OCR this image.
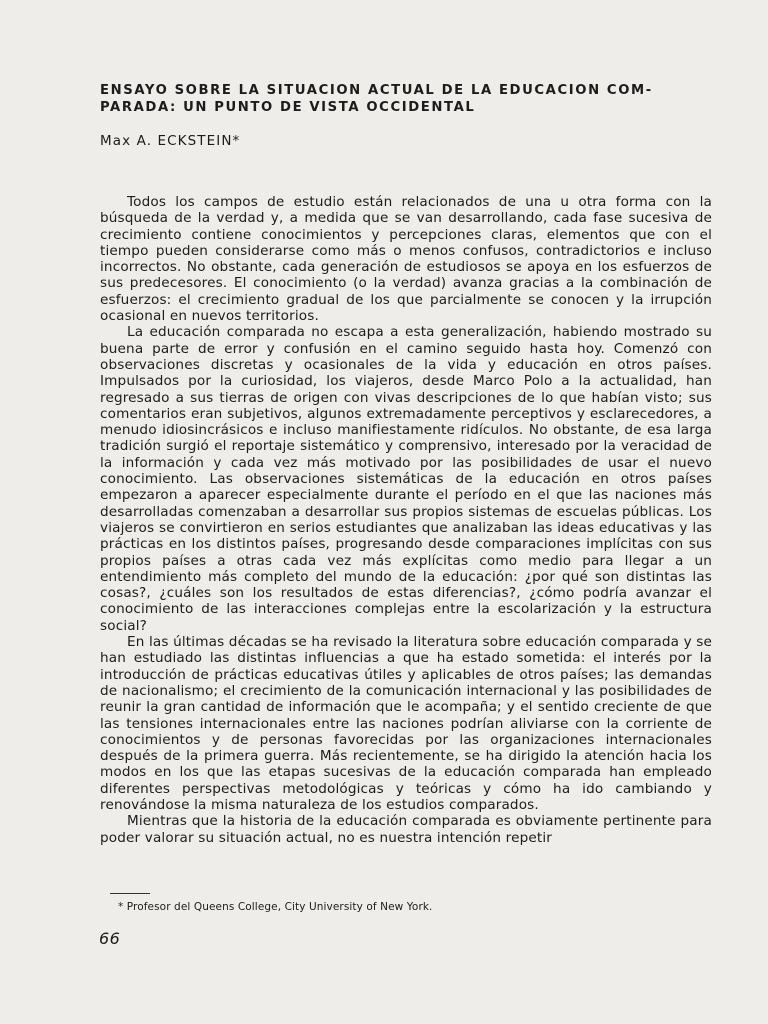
ENSAYO SOBRE LA SITUACION ACTUAL DE LA EDUCACION COM-
PARADA: UN PUNTO DE VISTA OCCIDENTAL
Max A. ECKSTEIN*

Todos los campos de estudio están relacionados de una u otra forma con la búsqueda de la verdad y, a medida que se van desarrollando, cada fase sucesiva de crecimiento contiene conocimientos y percepciones claras, elementos que con el tiempo pueden considerarse como más o menos confusos, contradictorios e incluso incorrectos. No obstante, cada generación de estudiosos se apoya en los esfuerzos de sus predecesores. El conocimiento (o la verdad) avanza gracias a la combinación de esfuerzos: el crecimiento gradual de los que parcialmente se conocen y la irrupción ocasional en nuevos territorios.

La educación comparada no escapa a esta generalización, habiendo mostrado su buena parte de error y confusión en el camino seguido hasta hoy. Comenzó con observaciones discretas y ocasionales de la vida y educación en otros países. Impulsados por la curiosidad, los viajeros, desde Marco Polo a la actualidad, han regresado a sus tierras de origen con vivas descripciones de lo que habían visto; sus comentarios eran subjetivos, algunos extremadamente perceptivos y esclarecedores, a menudo idiosincrásicos e incluso manifiestamente ridículos. No obstante, de esa larga tradición surgió el reportaje sistemático y comprensivo, interesado por la veracidad de la información y cada vez más motivado por las posibilidades de usar el nuevo conocimiento. Las observaciones sistemáticas de la educación en otros países empezaron a aparecer especialmente durante el período en el que las naciones más desarrolladas comenzaban a desarrollar sus propios sistemas de escuelas públicas. Los viajeros se convirtieron en serios estudiantes que analizaban las ideas educativas y las prácticas en los distintos países, progresando desde comparaciones implícitas con sus propios países a otras cada vez más explícitas como medio para llegar a un entendimiento más completo del mundo de la educación: ¿por qué son distintas las cosas?, ¿cuáles son los resultados de estas diferencias?, ¿cómo podría avanzar el conocimiento de las interacciones complejas entre la escolarización y la estructura social?

En las últimas décadas se ha revisado la literatura sobre educación comparada y se han estudiado las distintas influencias a que ha estado sometida: el interés por la introducción de prácticas educativas útiles y aplicables de otros países; las demandas de nacionalismo; el crecimiento de la comunicación internacional y las posibilidades de reunir la gran cantidad de información que le acompaña; y el sentido creciente de que las tensiones internacionales entre las naciones podrían aliviarse con la corriente de conocimientos y de personas favorecidas por las organizaciones internacionales después de la primera guerra. Más recientemente, se ha dirigido la atención hacia los modos en los que las etapas sucesivas de la educación comparada han empleado diferentes perspectivas metodológicas y teóricas y cómo ha ido cambiando y renovándose la misma naturaleza de los estudios comparados.

Mientras que la historia de la educación comparada es obviamente pertinente para poder valorar su situación actual, no es nuestra intención repetir

* Profesor del Queens College, City University of New York.
66
